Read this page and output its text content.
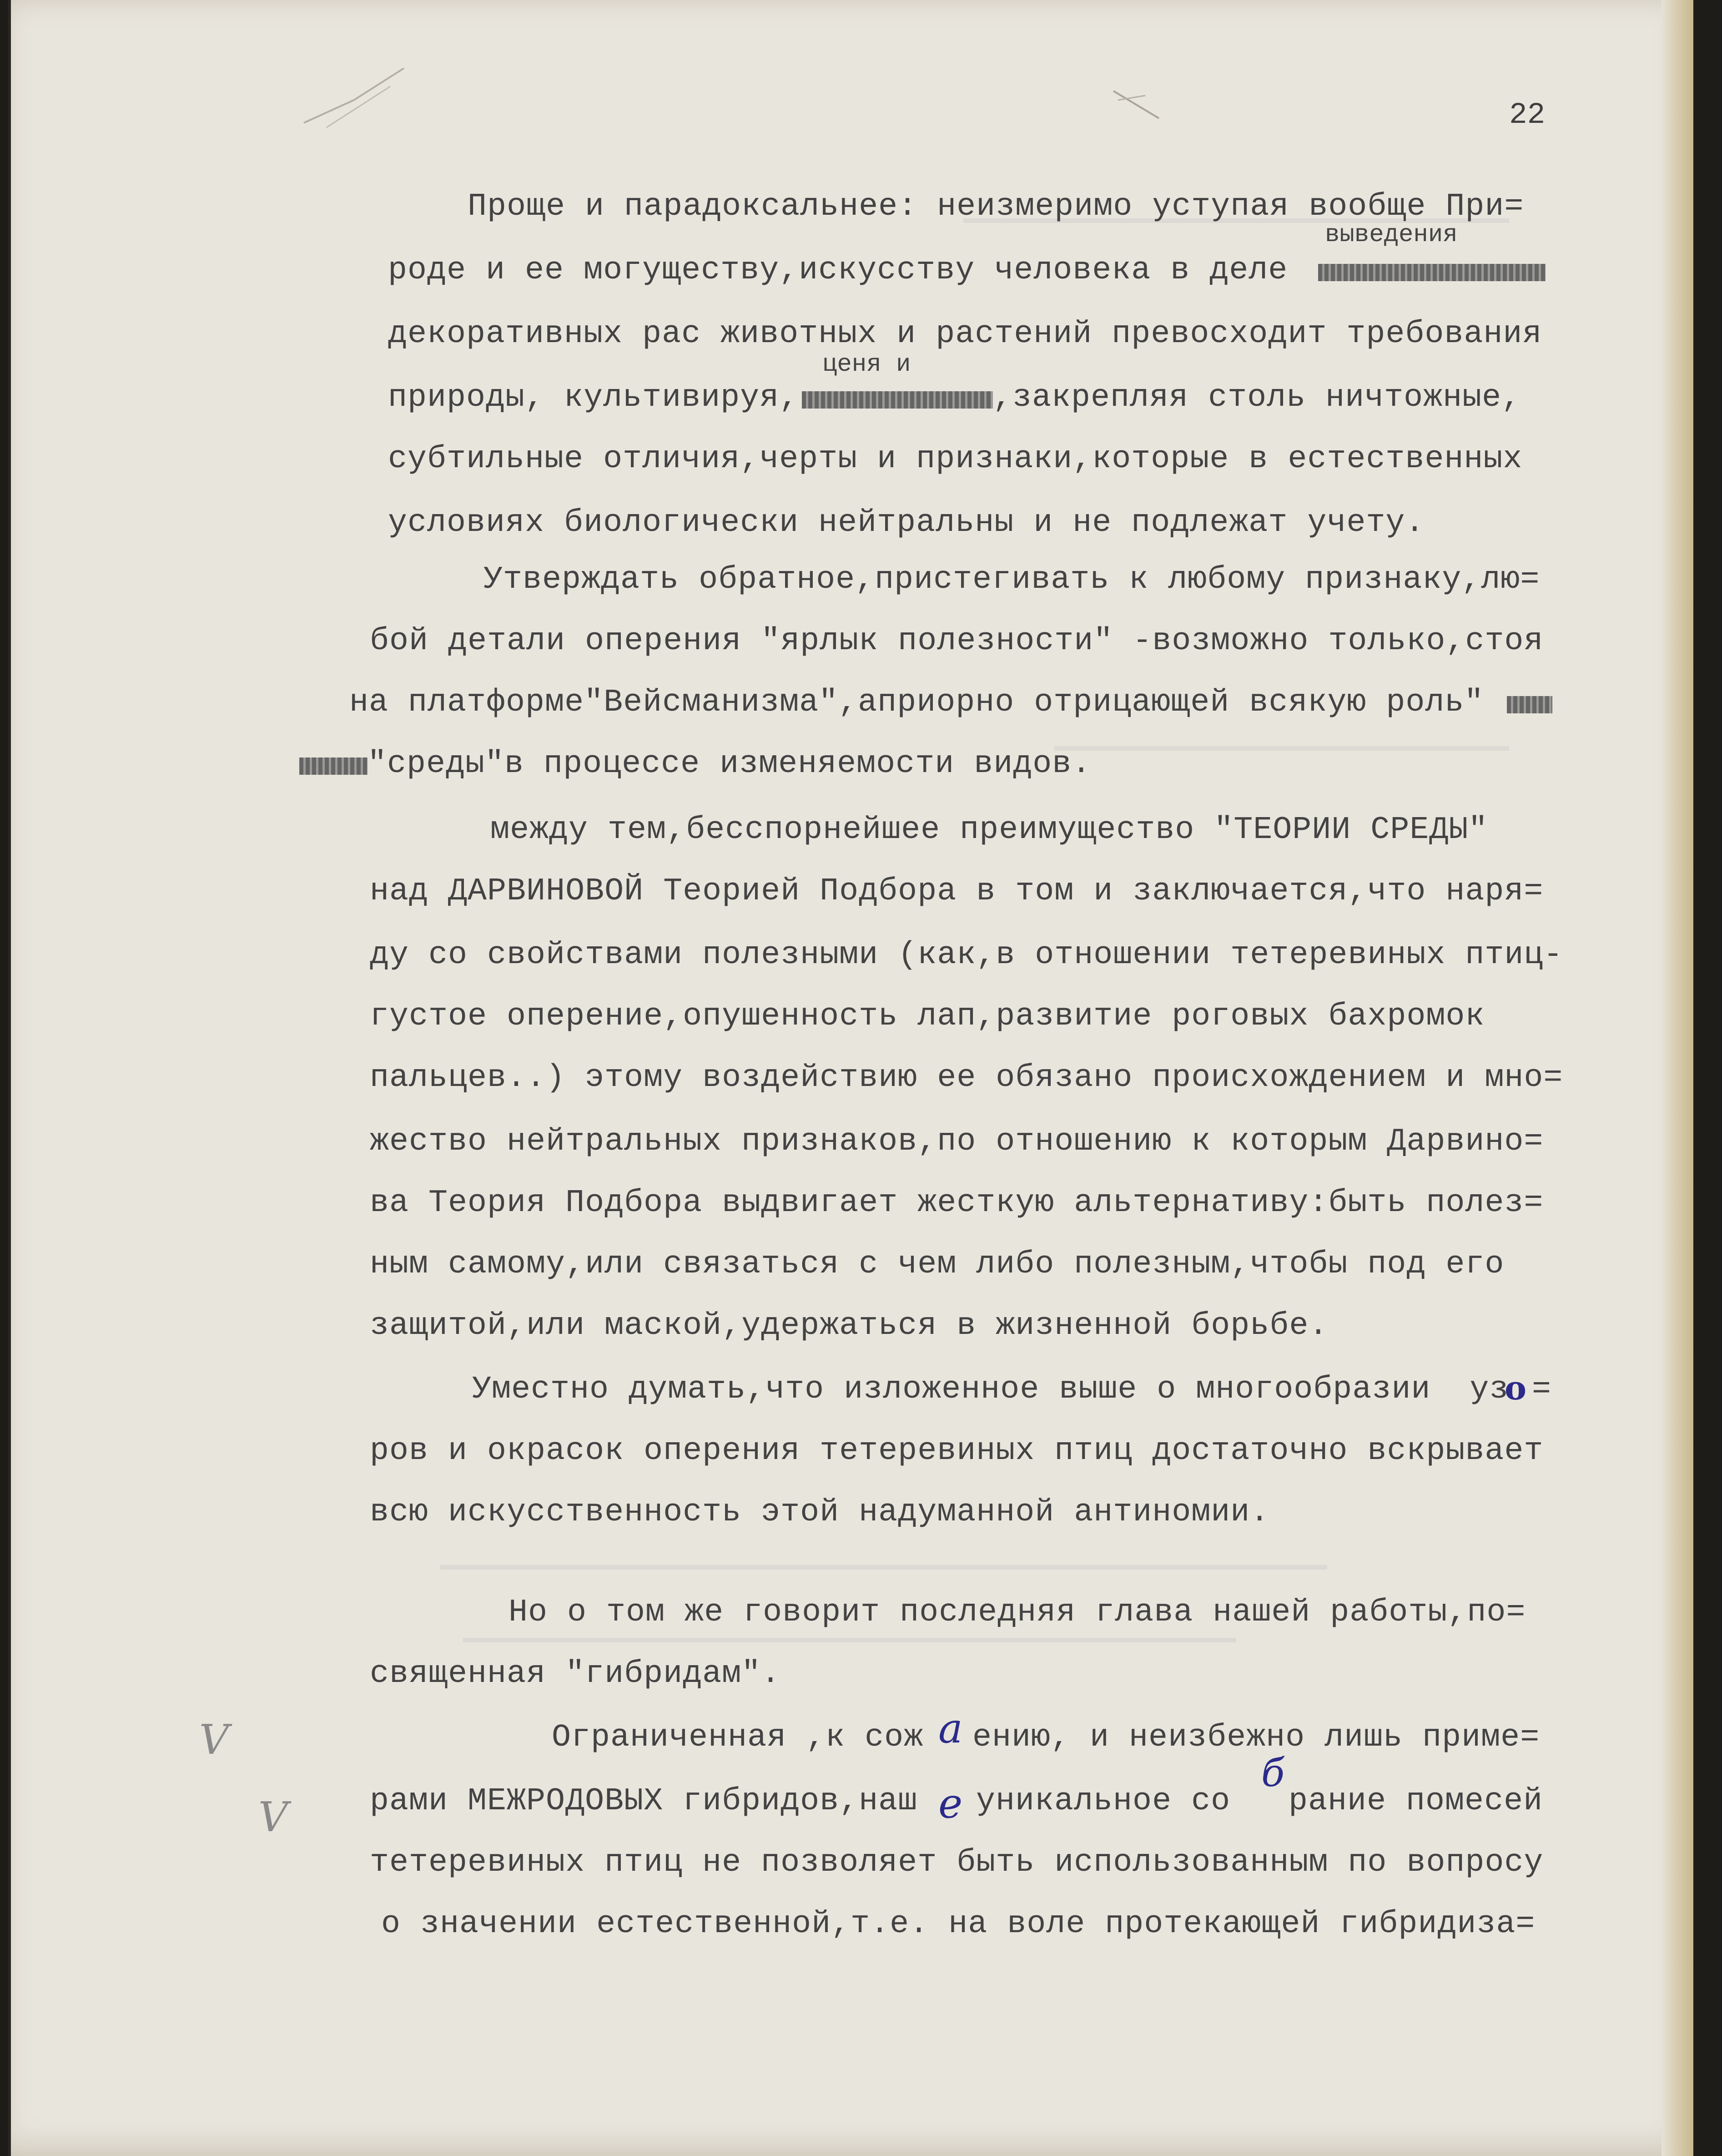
22
Проще и парадоксальнее: неизмеримо уступая вообще При=
выведения
роде и ее могуществу,искусству человека в деле
декоративных рас животных и растений превосходит требования
ценя и
природы, культивируя,	,закрепляя столь ничтожные,
субтильные отличия,черты и признаки,которые в естественных
условиях биологически нейтральны и не подлежат учету.
Утверждать обратное,пристегивать к любому признаку,лю=
бой детали оперения "ярлык полезности" -возможно только,стоя
на платформе"Вейсманизма",априорно отрицающей всякую роль"
"среды"в процессе изменяемости видов.
между тем,бесспорнейшее преимущество "ТЕОРИИ СРЕДЫ"
над ДАРВИНОВОЙ Теорией Подбора в том и заключается,что наря=
ду со свойствами полезными (как,в отношении тетеревиных птиц-
густое оперение,опушенность лап,развитие роговых бахромок
пальцев..) этому воздействию ее обязано происхождением и мно=
жество нейтральных признаков,по отношению к которым Дарвино=
ва Теория Подбора выдвигает жесткую альтернативу:быть полез=
ным самому,или связаться с чем либо полезным,чтобы под его
защитой,или маской,удержаться в жизненной борьбе.
Уместно думать,что изложенное выше о многообразии  уз
о =
ров и окрасок оперения тетеревиных птиц достаточно вскрывает
всю искусственность этой надуманной антиномии.
Но о том же говорит последняя глава нашей работы,по=
священная "гибридам".
Ограниченная ,к сож а ению, и неизбежно лишь приме=
рами МЕЖРОДОВЫХ гибридов,наш е
уникальное со
б
рание помесей
тетеревиных птиц не позволяет быть использованным по вопросу
о значении естественной,т.е. на воле протекающей гибридиза=
V
V
